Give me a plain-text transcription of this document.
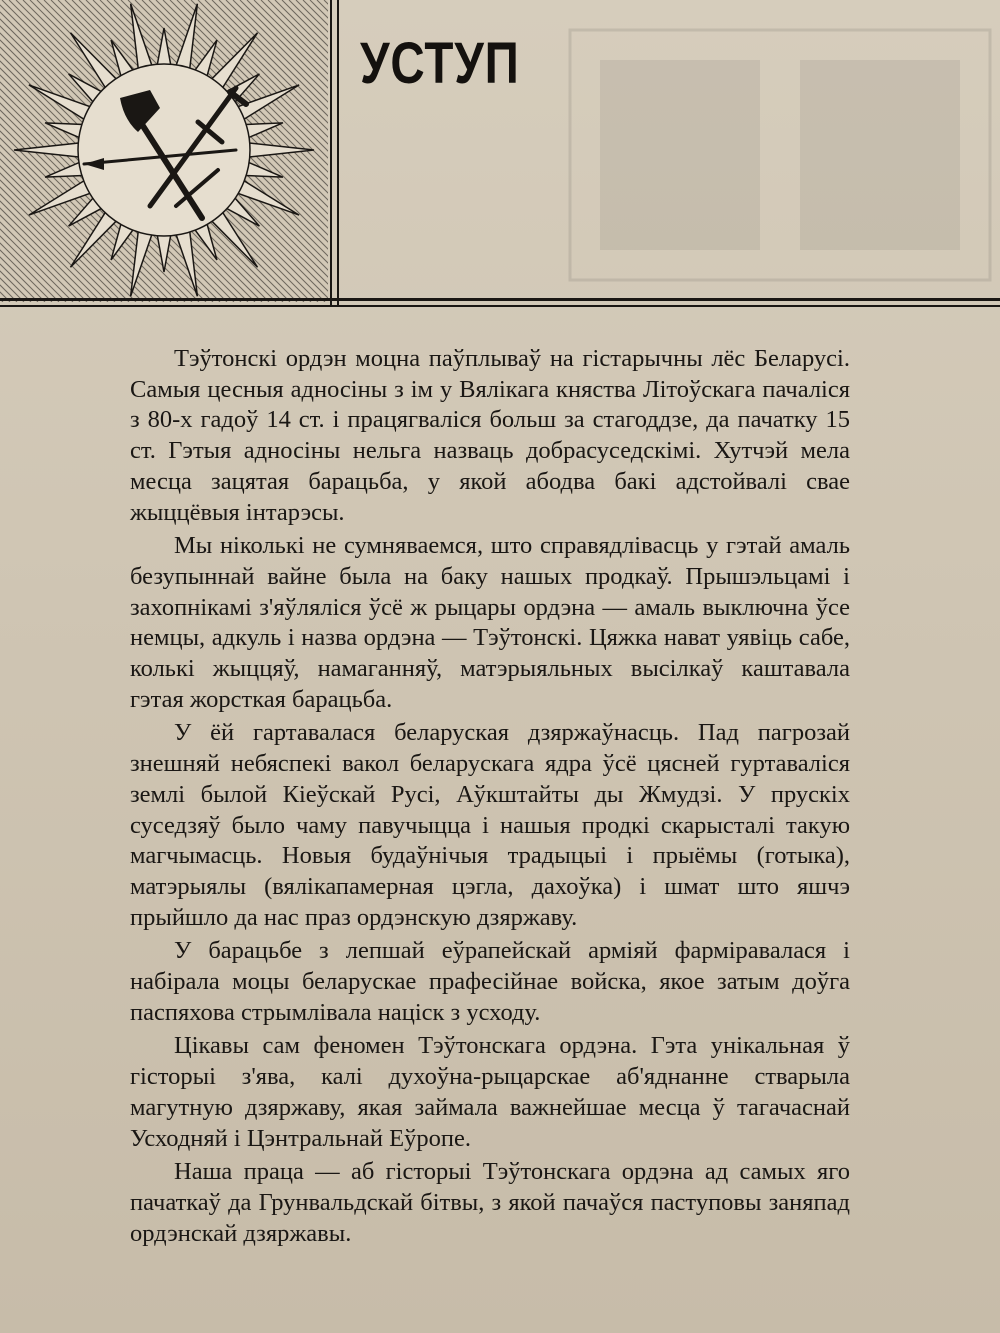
УСТУП

Тэўтонскі ордэн моцна паўплываў на гістарычны лёс Беларусі. Самыя цесныя адносіны з ім у Вялікага княства Літоўскага пачаліся з 80-х гадоў 14 ст. і працягваліся больш за стагоддзе, да пачатку 15 ст. Гэтыя адносіны нельга назваць добрасуседскімі. Хутчэй мела месца зацятая барацьба, у якой абодва бакі адстойвалі свае жыццёвыя інтарэсы.

Мы ніколькі не сумняваемся, што справядлівасць у гэтай амаль безупыннай вайне была на баку нашых продкаў. Прышэльцамі і захопнікамі з'яўляліся ўсё ж рыцары ордэна — амаль выключна ўсе немцы, адкуль і назва ордэна — Тэўтонскі. Цяжка нават уявіць сабе, колькі жыццяў, намаганняў, матэрыяльных высілкаў каштавала гэтая жорсткая барацьба.

У ёй гартавалася беларуская дзяржаўнасць. Пад пагрозай знешняй небяспекі вакол беларускага ядра ўсё цясней гуртаваліся землі былой Кіеўскай Русі, Аўкштайты ды Жмудзі. У прускіх суседзяў было чаму павучыцца і нашыя продкі скарысталі такую магчымасць. Новыя будаўнічыя традыцыі і прыёмы (готыка), матэрыялы (вялікапамерная цэгла, дахоўка) і шмат што яшчэ прыйшло да нас праз ордэнскую дзяржаву.

У барацьбе з лепшай еўрапейскай арміяй фарміравалася і набірала моцы беларускае прафесійнае войска, якое затым доўга паспяхова стрымлівала націск з усходу.

Цікавы сам феномен Тэўтонскага ордэна. Гэта унікальная ў гісторыі з'ява, калі духоўна-рыцарскае аб'яднанне стварыла магутную дзяржаву, якая займала важнейшае месца ў тагачаснай Усходняй і Цэнтральнай Еўропе.

Наша праца — аб гісторыі Тэўтонскага ордэна ад самых яго пачаткаў да Грунвальдскай бітвы, з якой пачаўся паступовы заняпад ордэнскай дзяржавы.
